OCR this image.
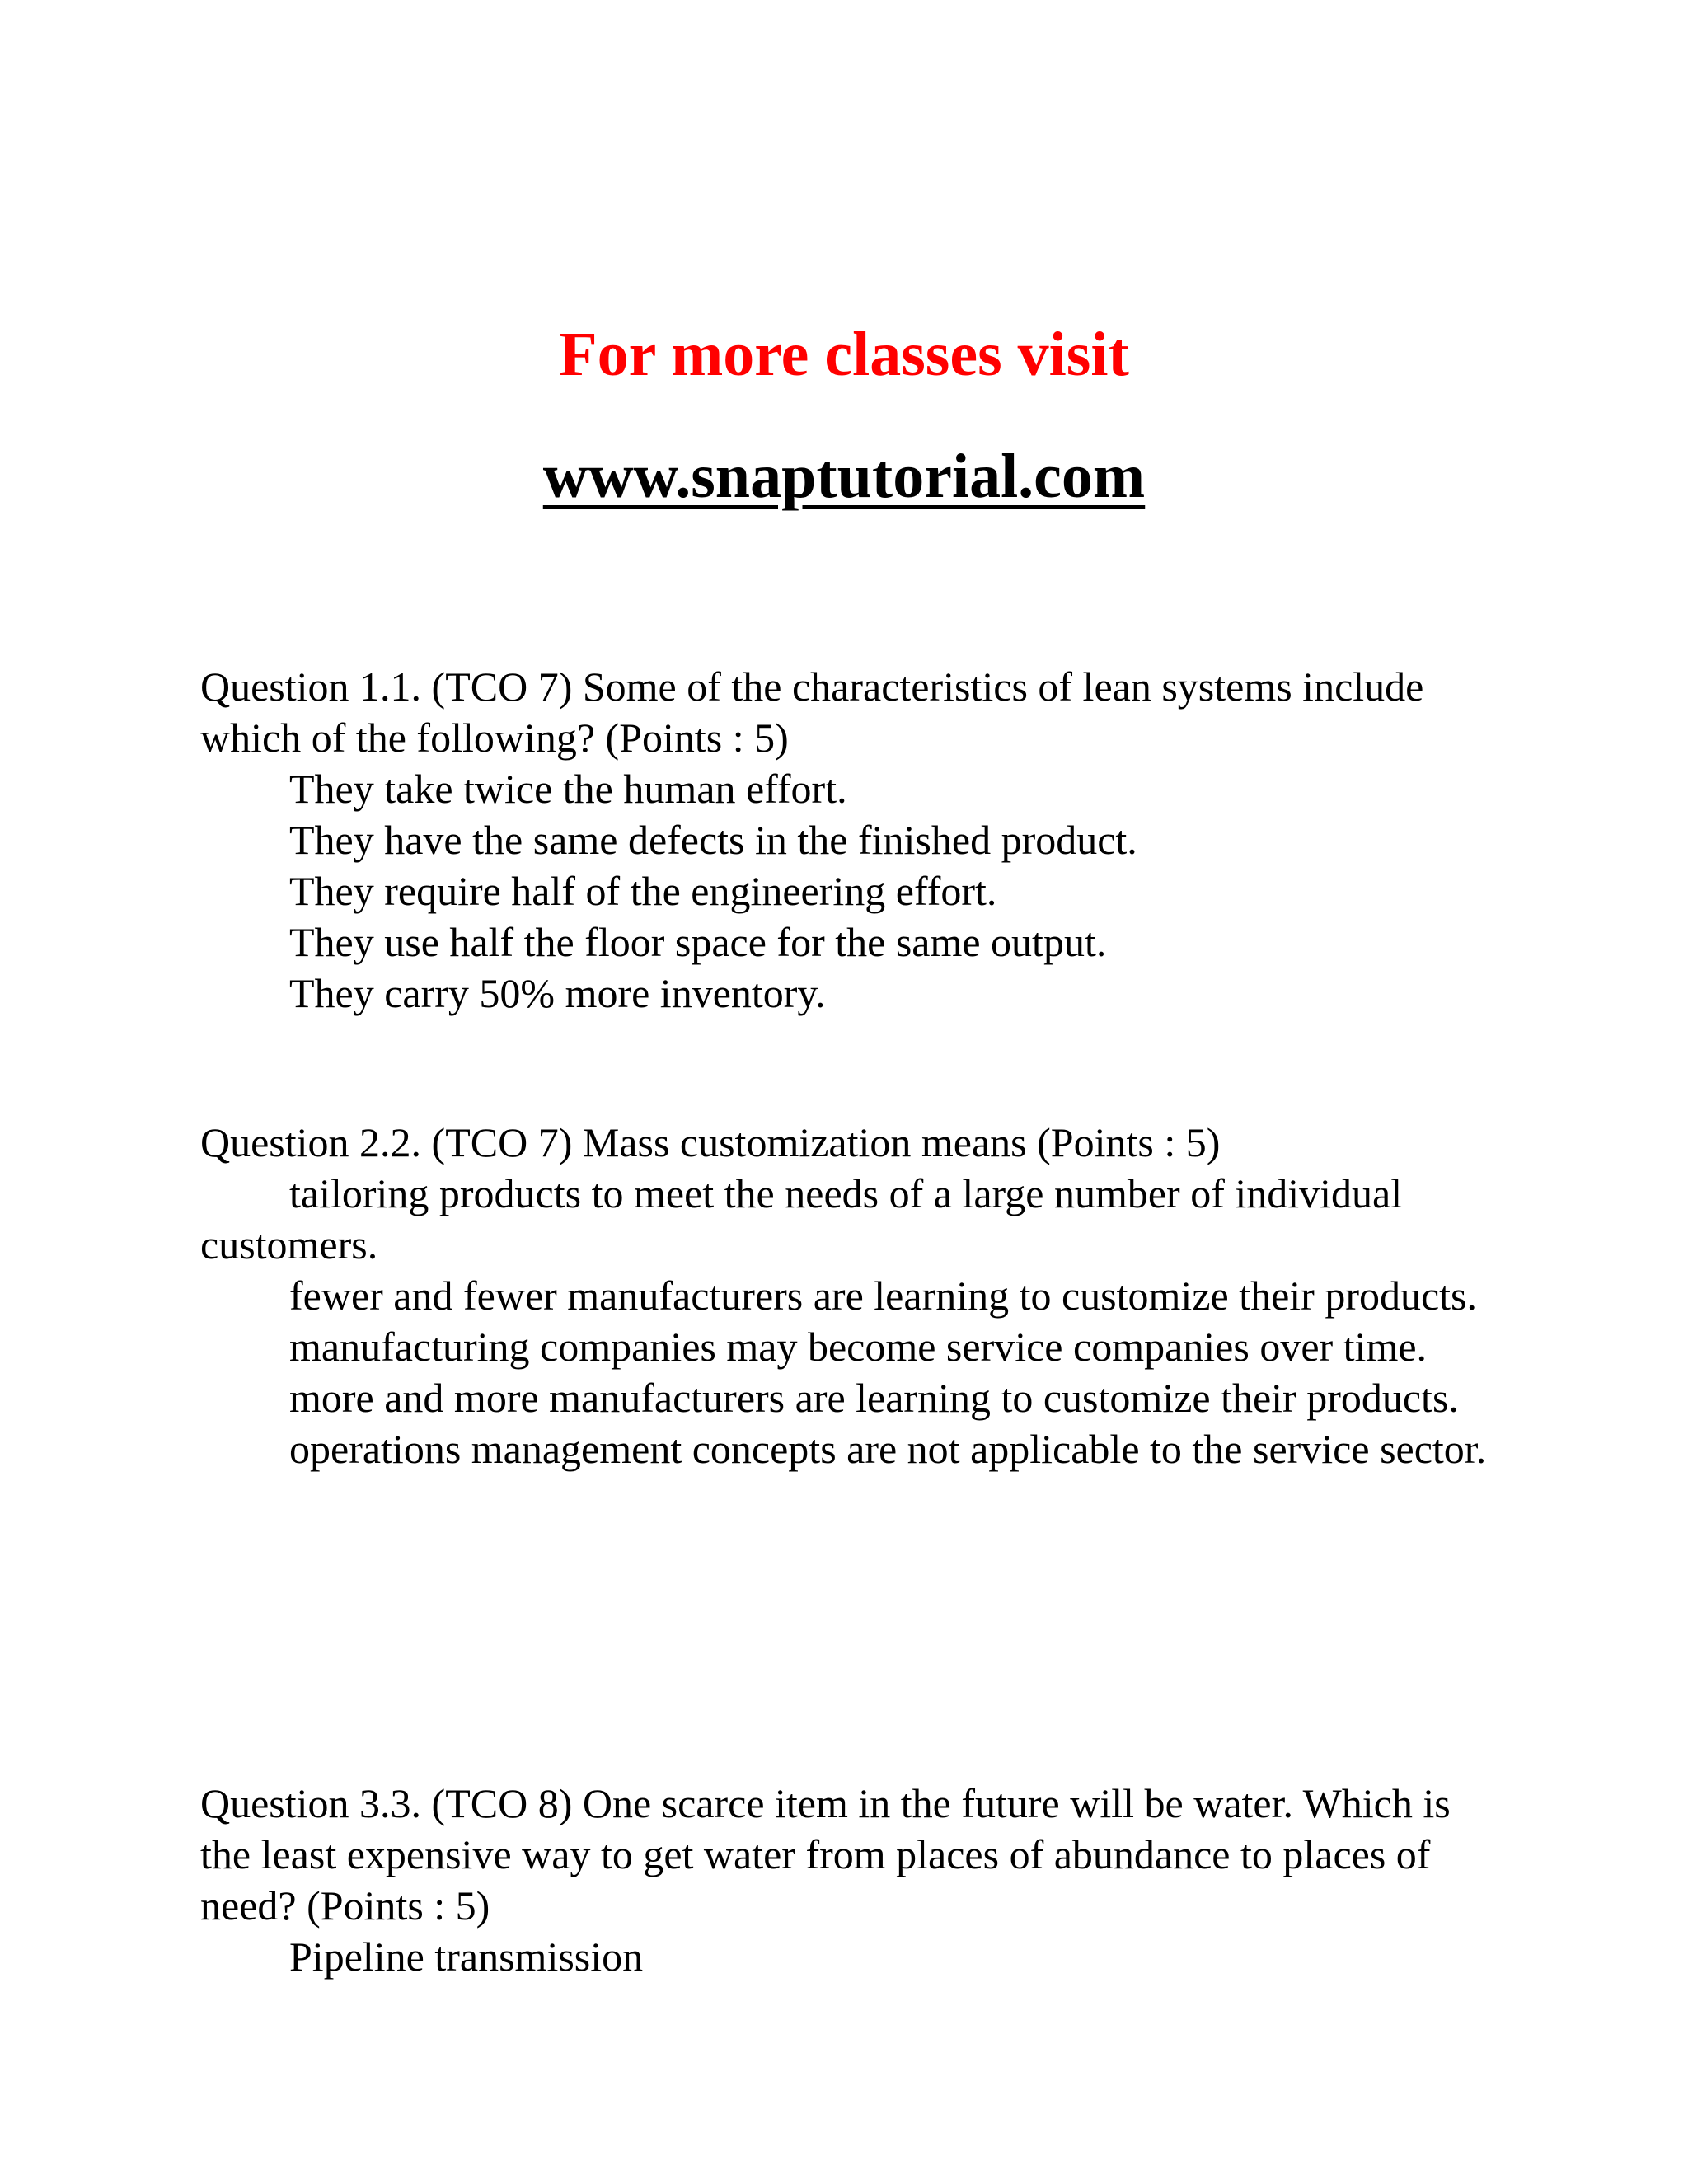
For more classes visit
www.snaptutorial.com

Question 1.1. (TCO 7) Some of the characteristics of lean systems include which of the following? (Points : 5)

They take twice the human effort.
They have the same defects in the finished product.
They require half of the engineering effort.
They use half the floor space for the same output.
They carry 50% more inventory.

Question 2.2. (TCO 7) Mass customization means (Points : 5)

tailoring products to meet the needs of a large number of individual customers.
fewer and fewer manufacturers are learning to customize their products.
manufacturing companies may become service companies over time.
more and more manufacturers are learning to customize their products.
operations management concepts are not applicable to the service sector.

Question 3.3. (TCO 8) One scarce item in the future will be water. Which is the least expensive way to get water from places of abundance to places of need? (Points : 5)

Pipeline transmission
